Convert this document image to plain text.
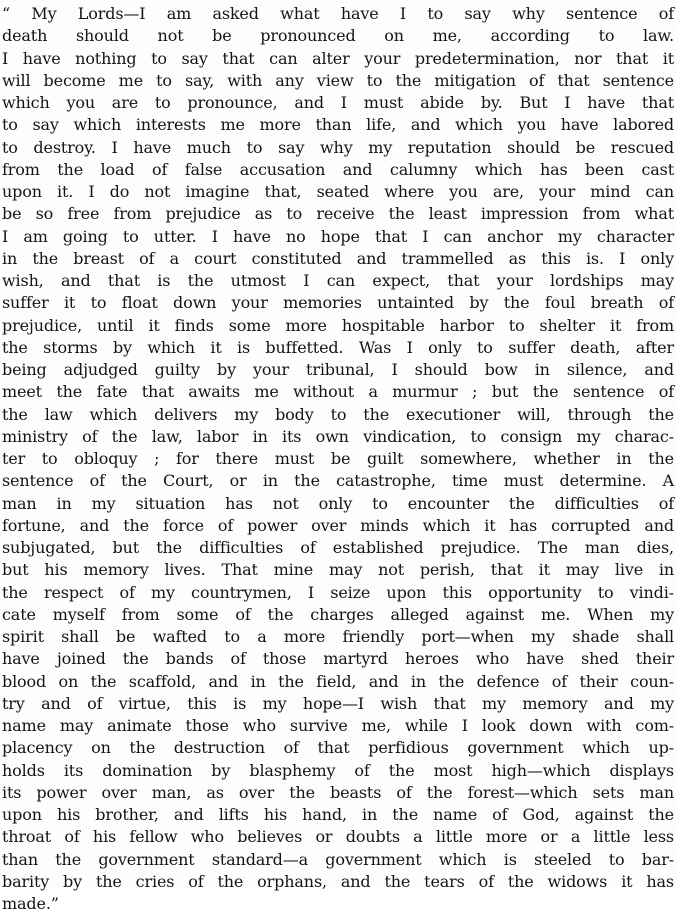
“ My Lords—I am asked what have I to say why sentence of
death should not be pronounced on me, according to law.
I have nothing to say that can alter your predetermination, nor that it
will become me to say, with any view to the mitigation of that sentence
which you are to pronounce, and I must abide by. But I have that
to say which interests me more than life, and which you have labored
to destroy. I have much to say why my reputation should be rescued
from the load of false accusation and calumny which has been cast
upon it. I do not imagine that, seated where you are, your mind can
be so free from prejudice as to receive the least impression from what
I am going to utter. I have no hope that I can anchor my character
in the breast of a court constituted and trammelled as this is. I only
wish, and that is the utmost I can expect, that your lordships may
suffer it to float down your memories untainted by the foul breath of
prejudice, until it finds some more hospitable harbor to shelter it from
the storms by which it is buffetted. Was I only to suffer death, after
being adjudged guilty by your tribunal, I should bow in silence, and
meet the fate that awaits me without a murmur ; but the sentence of
the law which delivers my body to the executioner will, through the
ministry of the law, labor in its own vindication, to consign my charac-
ter to obloquy ; for there must be guilt somewhere, whether in the
sentence of the Court, or in the catastrophe, time must determine. A
man in my situation has not only to encounter the difficulties of
fortune, and the force of power over minds which it has corrupted and
subjugated, but the difficulties of established prejudice. The man dies,
but his memory lives. That mine may not perish, that it may live in
the respect of my countrymen, I seize upon this opportunity to vindi-
cate myself from some of the charges alleged against me. When my
spirit shall be wafted to a more friendly port—when my shade shall
have joined the bands of those martyrd heroes who have shed their
blood on the scaffold, and in the field, and in the defence of their coun-
try and of virtue, this is my hope—I wish that my memory and my
name may animate those who survive me, while I look down with com-
placency on the destruction of that perfidious government which up-
holds its domination by blasphemy of the most high—which displays
its power over man, as over the beasts of the forest—which sets man
upon his brother, and lifts his hand, in the name of God, against the
throat of his fellow who believes or doubts a little more or a little less
than the government standard—a government which is steeled to bar-
barity by the cries of the orphans, and the tears of the widows it has
made.”
